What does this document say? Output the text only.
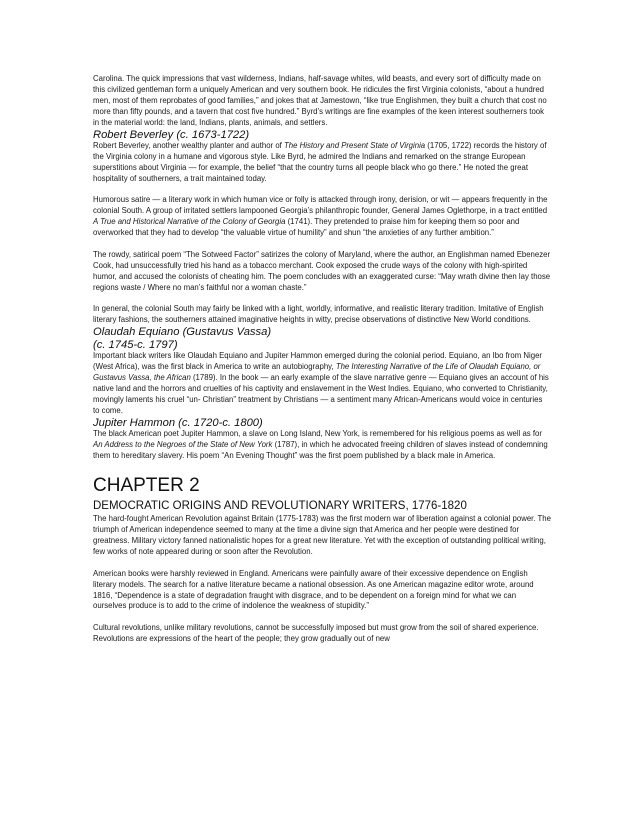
Carolina. The quick impressions that vast wilderness, Indians, half-savage whites, wild beasts, and every sort of difficulty made on this civilized gentleman form a uniquely American and very southern book. He ridicules the first Virginia colonists, “about a hundred men, most of them reprobates of good families,” and jokes that at Jamestown, “like true Englishmen, they built a church that cost no more than fifty pounds, and a tavern that cost five hundred.” Byrd’s writings are fine examples of the keen interest southerners took in the material world: the land, Indians, plants, animals, and settlers.

Robert Beverley (c. 1673-1722)

Robert Beverley, another wealthy planter and author of The History and Present State of Virginia (1705, 1722) records the history of the Virginia colony in a humane and vigorous style. Like Byrd, he admired the Indians and remarked on the strange European superstitions about Virginia — for example, the belief “that the country turns all people black who go there.” He noted the great hospitality of southerners, a trait maintained today.

Humorous satire — a literary work in which human vice or folly is attacked through irony, derision, or wit — appears frequently in the colonial South. A group of irritated settlers lampooned Georgia’s philanthropic founder, General James Oglethorpe, in a tract entitled A True and Historical Narrative of the Colony of Georgia (1741). They pretended to praise him for keeping them so poor and overworked that they had to develop “the valuable virtue of humility” and shun “the anxieties of any further ambition.”

The rowdy, satirical poem “The Sotweed Factor” satirizes the colony of Maryland, where the author, an Englishman named Ebenezer Cook, had unsuccessfully tried his hand as a tobacco merchant. Cook exposed the crude ways of the colony with high-spirited humor, and accused the colonists of cheating him. The poem concludes with an exaggerated curse: “May wrath divine then lay those regions waste / Where no man’s faithful nor a woman chaste.”

In general, the colonial South may fairly be linked with a light, worldly, informative, and realistic literary tradition. Imitative of English literary fashions, the southerners attained imaginative heights in witty, precise observations of distinctive New World conditions.

Olaudah Equiano (Gustavus Vassa)
(c. 1745-c. 1797)

Important black writers like Olaudah Equiano and Jupiter Hammon emerged during the colonial period. Equiano, an Ibo from Niger (West Africa), was the first black in America to write an autobiography, The Interesting Narrative of the Life of Olaudah Equiano, or Gustavus Vassa, the African (1789). In the book — an early example of the slave narrative genre — Equiano gives an account of his native land and the horrors and cruelties of his captivity and enslavement in the West Indies. Equiano, who converted to Christianity, movingly laments his cruel “un- Christian” treatment by Christians — a sentiment many African-Americans would voice in centuries to come.

Jupiter Hammon (c. 1720-c. 1800)

The black American poet Jupiter Hammon, a slave on Long Island, New York, is remembered for his religious poems as well as for An Address to the Negroes of the State of New York (1787), in which he advocated freeing children of slaves instead of condemning them to hereditary slavery. His poem “An Evening Thought” was the first poem published by a black male in America.

CHAPTER 2
DEMOCRATIC ORIGINS AND REVOLUTIONARY WRITERS, 1776-1820

The hard-fought American Revolution against Britain (1775-1783) was the first modern war of liberation against a colonial power. The triumph of American independence seemed to many at the time a divine sign that America and her people were destined for greatness. Military victory fanned nationalistic hopes for a great new literature. Yet with the exception of outstanding political writing, few works of note appeared during or soon after the Revolution.

American books were harshly reviewed in England. Americans were painfully aware of their excessive dependence on English literary models. The search for a native literature became a national obsession. As one American magazine editor wrote, around 1816, “Dependence is a state of degradation fraught with disgrace, and to be dependent on a foreign mind for what we can ourselves produce is to add to the crime of indolence the weakness of stupidity.”

Cultural revolutions, unlike military revolutions, cannot be successfully imposed but must grow from the soil of shared experience. Revolutions are expressions of the heart of the people; they grow gradually out of new
